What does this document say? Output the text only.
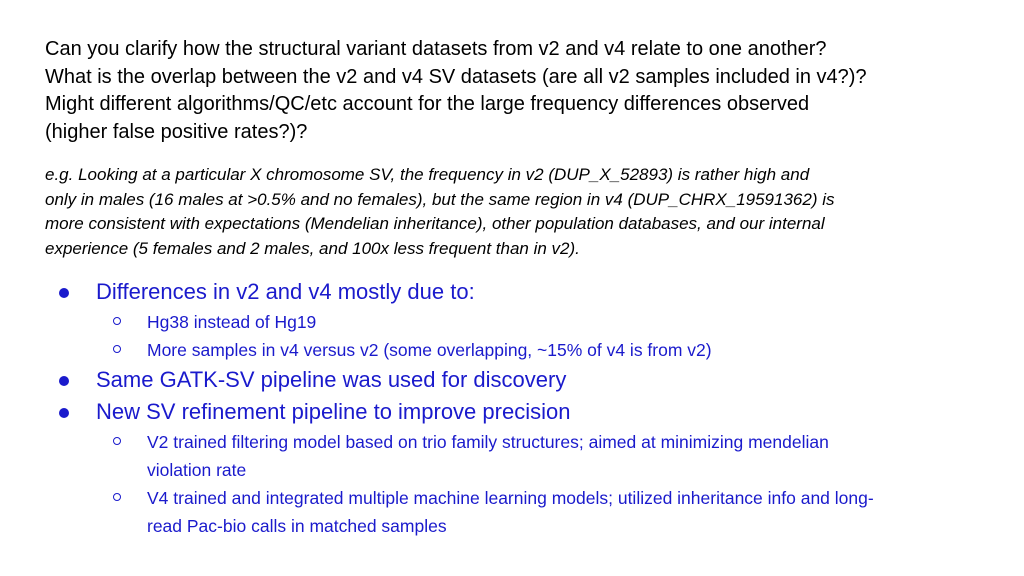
Can you clarify how the structural variant datasets from v2 and v4 relate to one another?
What is the overlap between the v2 and v4 SV datasets (are all v2 samples included in v4?)?
Might different algorithms/QC/etc account for the large frequency differences observed
(higher false positive rates?)?

e.g. Looking at a particular X chromosome SV, the frequency in v2 (DUP_X_52893) is rather high and
only in males (16 males at >0.5% and no females), but the same region in v4 (DUP_CHRX_19591362) is
more consistent with expectations (Mendelian inheritance), other population databases, and our internal
experience (5 females and 2 males, and 100x less frequent than in v2).

Differences in v2 and v4 mostly due to:
Hg38 instead of Hg19
More samples in v4 versus v2 (some overlapping, ~15% of v4 is from v2)
Same GATK-SV pipeline was used for discovery
New SV refinement pipeline to improve precision
V2 trained filtering model based on trio family structures; aimed at minimizing mendelian
violation rate
V4 trained and integrated multiple machine learning models; utilized inheritance info and long-
read Pac-bio calls in matched samples
